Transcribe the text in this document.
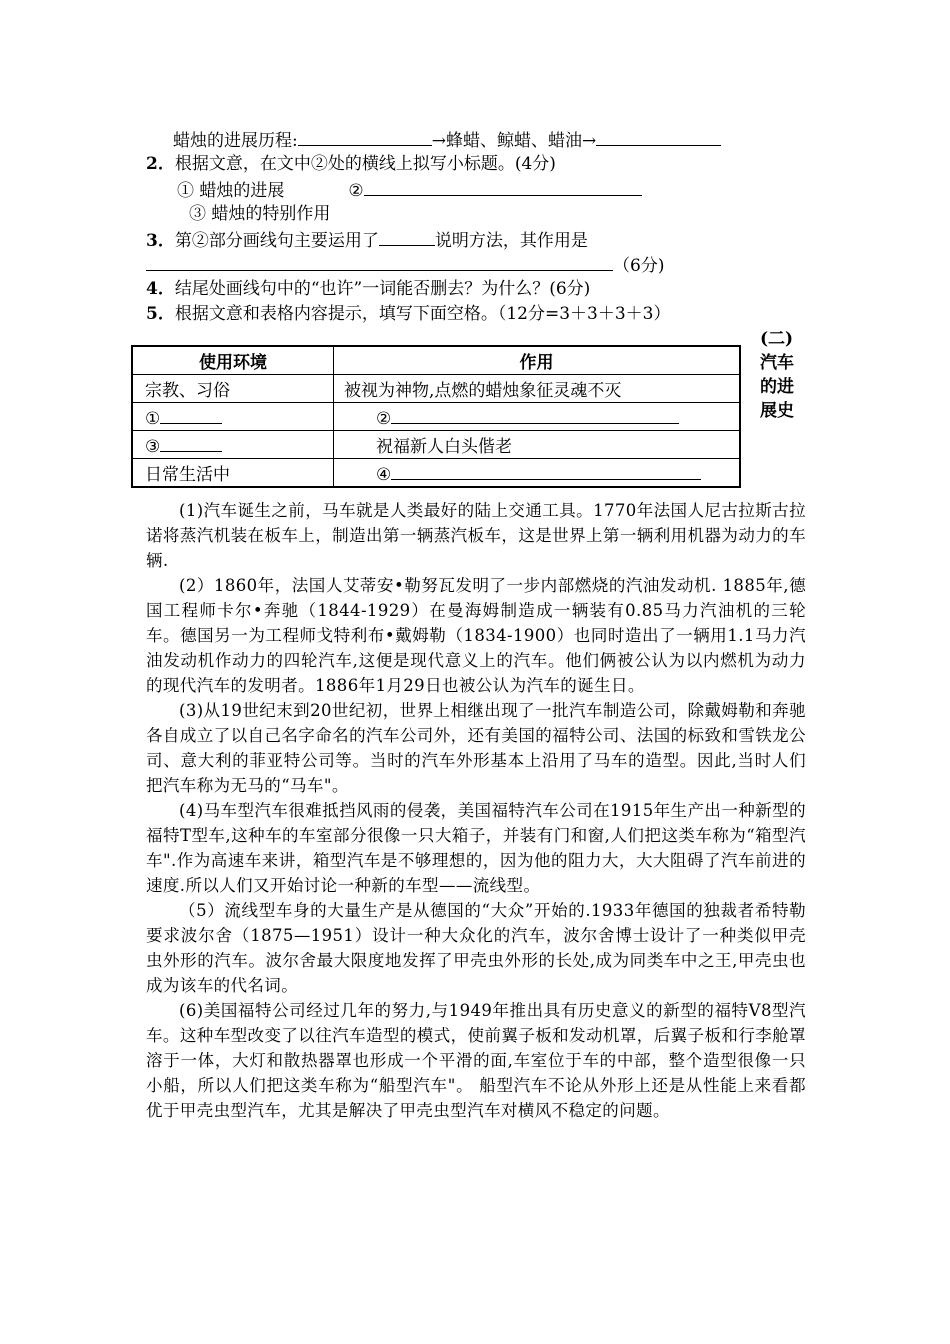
蜡烛的进展历程:	→蜂蜡、鲸蜡、蜡油→
2．根据文意，在文中②处的横线上拟写小标题。(4分)
① 蜡烛的进展	②
③ 蜡烛的特别作用
3．第②部分画线句主要运用了	说明方法，其作用是
（6分)
4．结尾处画线句中的“也许”一词能否删去？为什么？(6分)
5．根据文意和表格内容提示，填写下面空格。（12分=3＋3＋3＋3）
使用环境	作用
宗教、习俗	被视为神物,点燃的蜡烛象征灵魂不灭
①	②
③	祝福新人白头偕老
日常生活中	④
(二)
汽车
的进
展史

(1)汽车诞生之前，马车就是人类最好的陆上交通工具。1770年法国人尼古拉斯古拉诺将蒸汽机装在板车上，制造出第一辆蒸汽板车，这是世界上第一辆利用机器为动力的车辆.

(2）1860年，法国人艾蒂安•勒努瓦发明了一步内部燃烧的汽油发动机. 1885年,德国工程师卡尔•奔驰（1844-1929）在曼海姆制造成一辆装有0.85马力汽油机的三轮车。德国另一为工程师戈特利布•戴姆勒（1834-1900）也同时造出了一辆用1.1马力汽油发动机作动力的四轮汽车,这便是现代意义上的汽车。他们俩被公认为以内燃机为动力的现代汽车的发明者。1886年1月29日也被公认为汽车的诞生日。

(3)从19世纪末到20世纪初，世界上相继出现了一批汽车制造公司，除戴姆勒和奔驰各自成立了以自己名字命名的汽车公司外，还有美国的福特公司、法国的标致和雪铁龙公司、意大利的菲亚特公司等。当时的汽车外形基本上沿用了马车的造型。因此,当时人们把汽车称为无马的“马车"。

(4)马车型汽车很难抵挡风雨的侵袭，美国福特汽车公司在1915年生产出一种新型的福特T型车,这种车的车室部分很像一只大箱子，并装有门和窗,人们把这类车称为“箱型汽车".作为高速车来讲，箱型汽车是不够理想的，因为他的阻力大，大大阻碍了汽车前进的速度.所以人们又开始讨论一种新的车型——流线型。

（5）流线型车身的大量生产是从德国的“大众”开始的.1933年德国的独裁者希特勒要求波尔舍（1875—1951）设计一种大众化的汽车，波尔舍博士设计了一种类似甲壳虫外形的汽车。波尔舍最大限度地发挥了甲壳虫外形的长处,成为同类车中之王,甲壳虫也成为该车的代名词。

(6)美国福特公司经过几年的努力,与1949年推出具有历史意义的新型的福特V8型汽车。这种车型改变了以往汽车造型的模式，使前翼子板和发动机罩，后翼子板和行李舱罩溶于一体，大灯和散热器罩也形成一个平滑的面,车室位于车的中部，整个造型很像一只小船，所以人们把这类车称为“船型汽车"。 船型汽车不论从外形上还是从性能上来看都优于甲壳虫型汽车，尤其是解决了甲壳虫型汽车对横风不稳定的问题。
